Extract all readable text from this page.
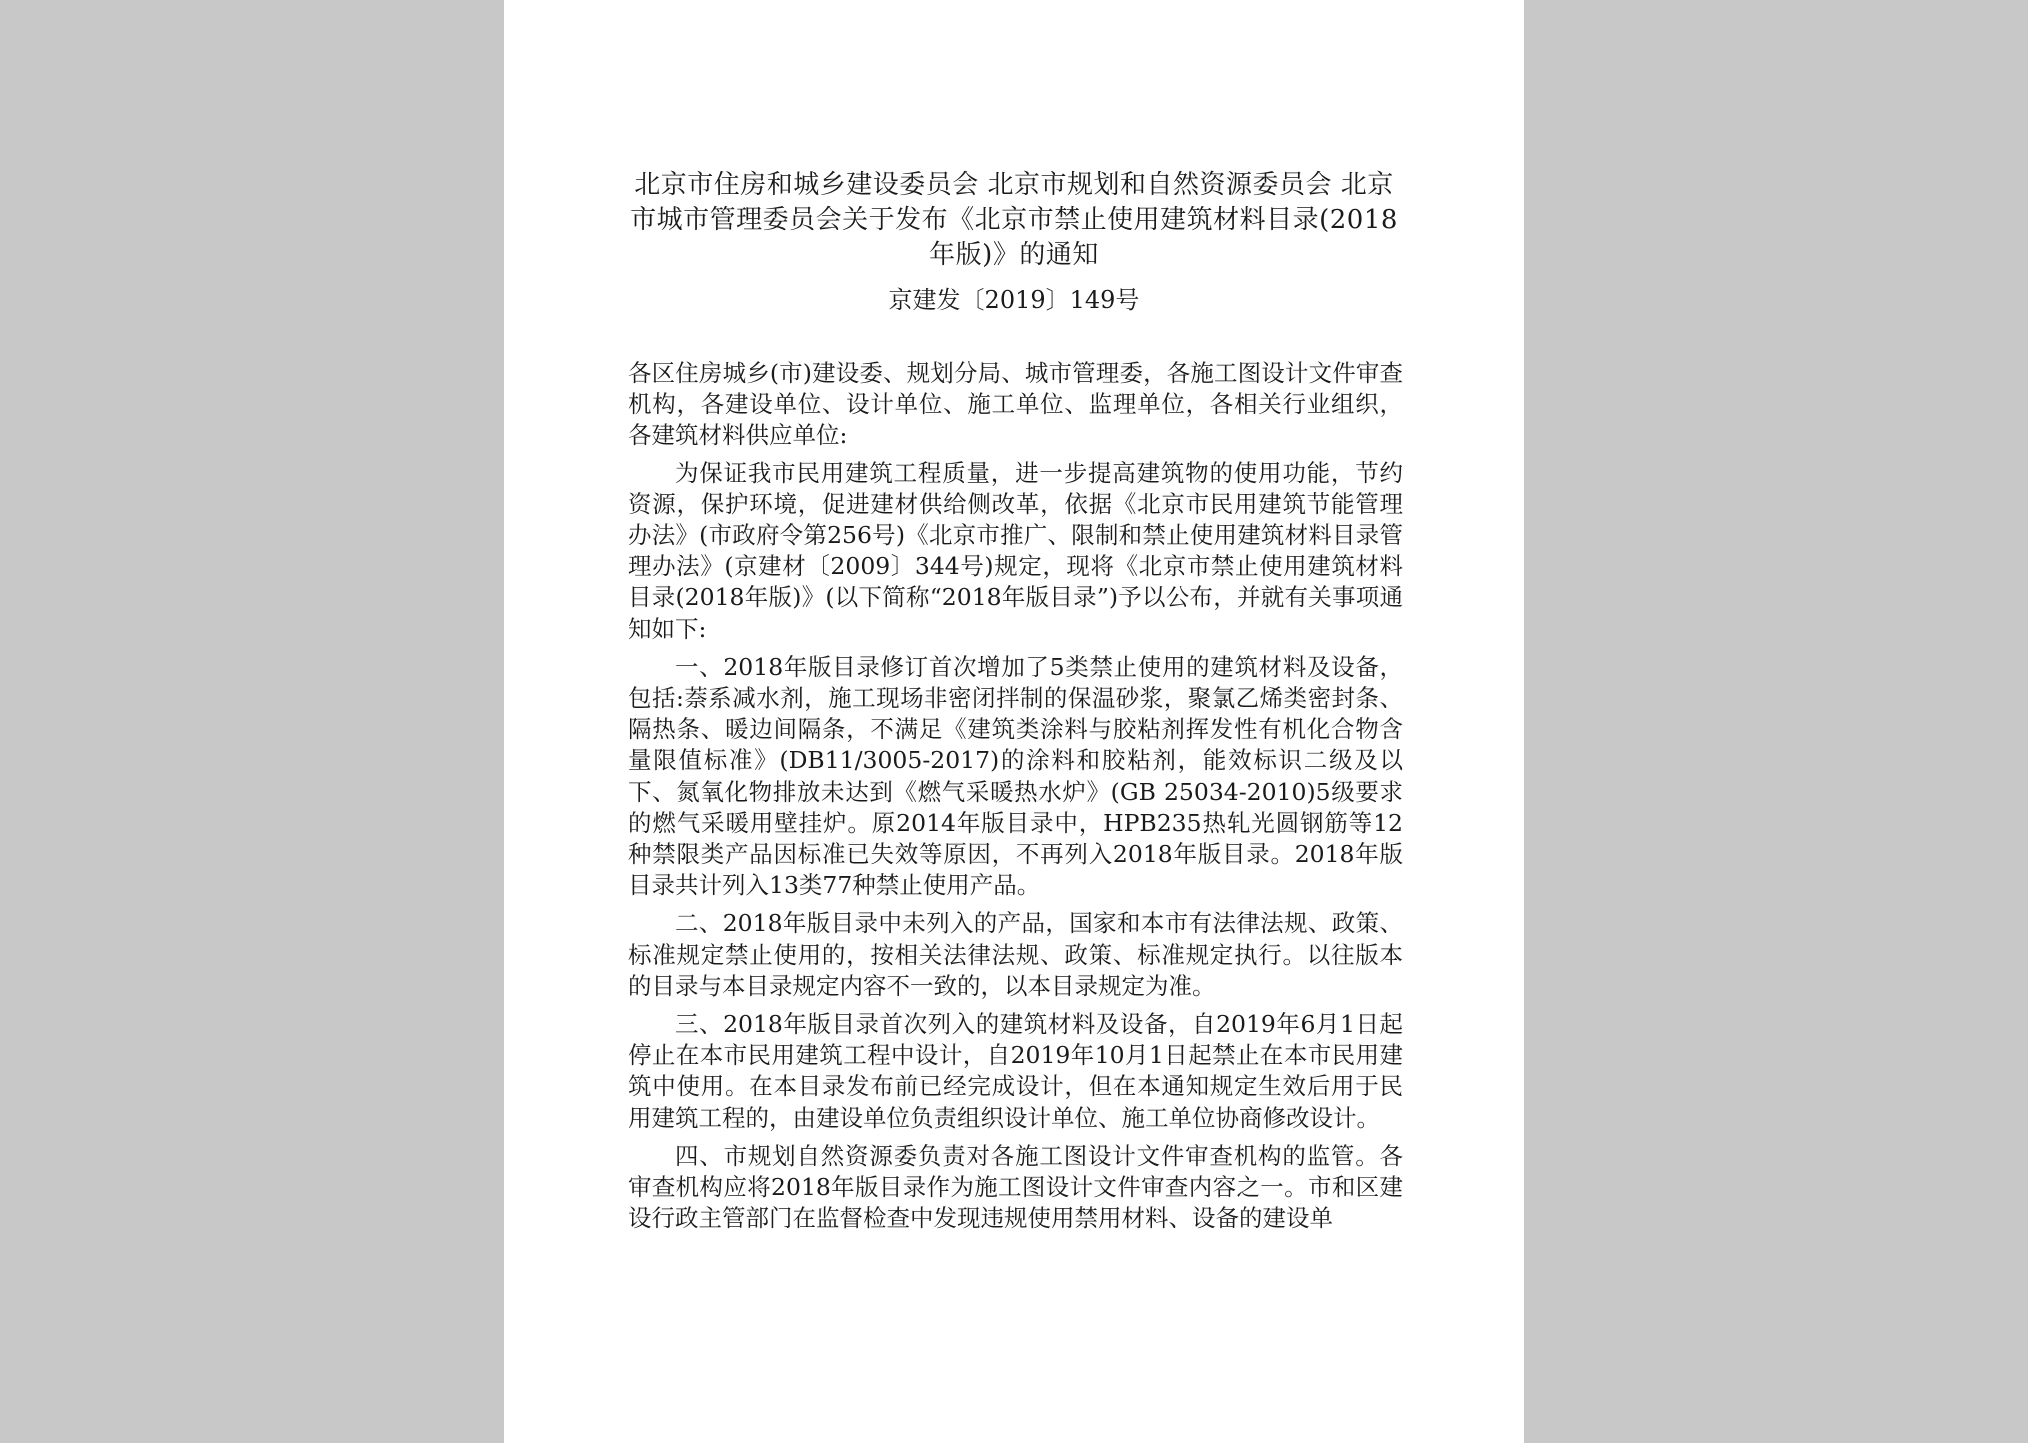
北京市住房和城乡建设委员会 北京市规划和自然资源委员会 北京市城市管理委员会关于发布《北京市禁止使用建筑材料目录(2018年版)》的通知
京建发〔2019〕149号

各区住房城乡(市)建设委、规划分局、城市管理委，各施工图设计文件审查机构，各建设单位、设计单位、施工单位、监理单位，各相关行业组织，各建筑材料供应单位:

为保证我市民用建筑工程质量，进一步提高建筑物的使用功能，节约资源，保护环境，促进建材供给侧改革，依据《北京市民用建筑节能管理办法》(市政府令第256号)《北京市推广、限制和禁止使用建筑材料目录管理办法》(京建材〔2009〕344号)规定，现将《北京市禁止使用建筑材料目录(2018年版)》(以下简称“2018年版目录”)予以公布，并就有关事项通知如下:

一、2018年版目录修订首次增加了5类禁止使用的建筑材料及设备，包括:萘系减水剂，施工现场非密闭拌制的保温砂浆，聚氯乙烯类密封条、隔热条、暖边间隔条，不满足《建筑类涂料与胶粘剂挥发性有机化合物含量限值标准》(DB11/3005-2017)的涂料和胶粘剂，能效标识二级及以下、氮氧化物排放未达到《燃气采暖热水炉》(GB 25034-2010)5级要求的燃气采暖用壁挂炉。原2014年版目录中，HPB235热轧光圆钢筋等12种禁限类产品因标准已失效等原因，不再列入2018年版目录。2018年版目录共计列入13类77种禁止使用产品。

二、2018年版目录中未列入的产品，国家和本市有法律法规、政策、标准规定禁止使用的，按相关法律法规、政策、标准规定执行。以往版本的目录与本目录规定内容不一致的，以本目录规定为准。

三、2018年版目录首次列入的建筑材料及设备，自2019年6月1日起停止在本市民用建筑工程中设计，自2019年10月1日起禁止在本市民用建筑中使用。在本目录发布前已经完成设计，但在本通知规定生效后用于民用建筑工程的，由建设单位负责组织设计单位、施工单位协商修改设计。

四、市规划自然资源委负责对各施工图设计文件审查机构的监管。各审查机构应将2018年版目录作为施工图设计文件审查内容之一。市和区建设行政主管部门在监督检查中发现违规使用禁用材料、设备的建设单
